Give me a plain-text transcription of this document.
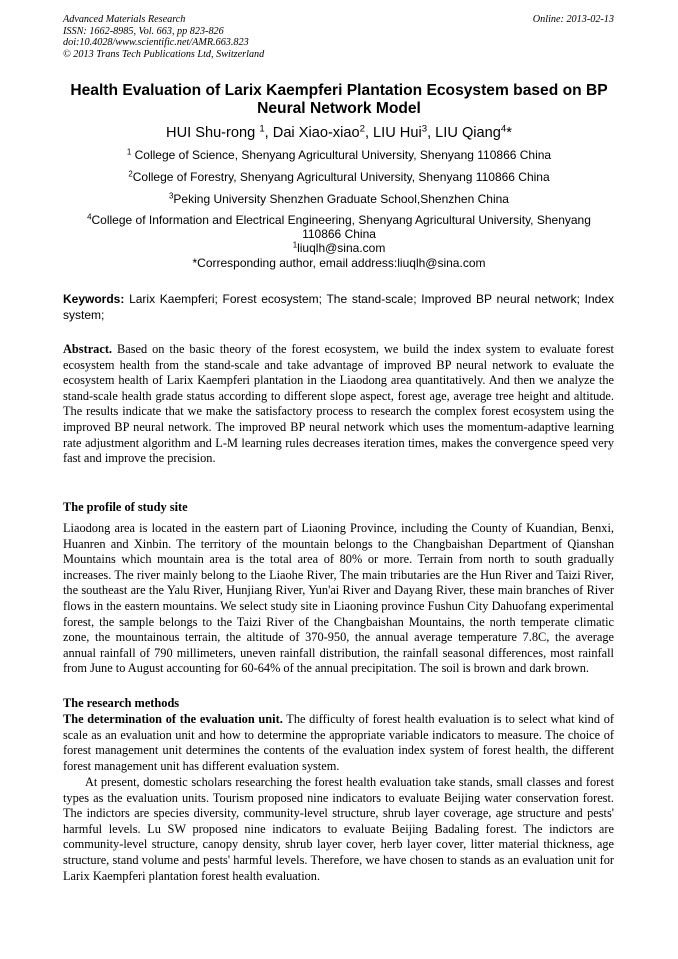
Advanced Materials Research
ISSN: 1662-8985, Vol. 663, pp 823-826
doi:10.4028/www.scientific.net/AMR.663.823
© 2013 Trans Tech Publications Ltd, Switzerland
Online: 2013-02-13
Health Evaluation of Larix Kaempferi Plantation Ecosystem based on BP
Neural Network Model
HUI Shu-rong $^1$, Dai Xiao-xiao$^2$, LIU Hui$^3$, LIU Qiang$^4$*
$^1$ College of Science, Shenyang Agricultural University, Shenyang 110866 China
$^2$College of Forestry, Shenyang Agricultural University, Shenyang 110866 China
$^3$Peking University Shenzhen Graduate School,Shenzhen China
$^4$College of Information and Electrical Engineering, Shenyang Agricultural University, Shenyang
110866 China
$^1$liuqlh@sina.com
*Corresponding author, email address:liuqlh@sina.com
Keywords: Larix Kaempferi; Forest ecosystem; The stand-scale; Improved BP neural network; Index system;

Abstract. Based on the basic theory of the forest ecosystem, we build the index system to evaluate forest ecosystem health from the stand-scale and take advantage of improved BP neural network to evaluate the ecosystem health of Larix Kaempferi plantation in the Liaodong area quantitatively. And then we analyze the stand-scale health grade status according to different slope aspect, forest age, average tree height and altitude. The results indicate that we make the satisfactory process to research the complex forest ecosystem using the improved BP neural network. The improved BP neural network which uses the momentum-adaptive learning rate adjustment algorithm and L-M learning rules decreases iteration times, makes the convergence speed very fast and improve the precision.

The profile of study site

Liaodong area is located in the eastern part of Liaoning Province, including the County of Kuandian, Benxi, Huanren and Xinbin. The territory of the mountain belongs to the Changbaishan Department of Qianshan Mountains which mountain area is the total area of 80% or more. Terrain from north to south gradually increases. The river mainly belong to the Liaohe River, The main tributaries are the Hun River and Taizi River, the southeast are the Yalu River, Hunjiang River, Yun'ai River and Dayang River, these main branches of River flows in the eastern mountains. We select study site in Liaoning province Fushun City Dahuofang experimental forest, the sample belongs to the Taizi River of the Changbaishan Mountains, the north temperate climatic zone, the mountainous terrain, the altitude of 370-950, the annual average temperature 7.8C, the average annual rainfall of 790 millimeters, uneven rainfall distribution, the rainfall seasonal differences, most rainfall from June to August accounting for 60-64% of the annual precipitation. The soil is brown and dark brown.

The research methods

The determination of the evaluation unit. The difficulty of forest health evaluation is to select what kind of scale as an evaluation unit and how to determine the appropriate variable indicators to measure. The choice of forest management unit determines the contents of the evaluation index system of forest health, the different forest management unit has different evaluation system.

At present, domestic scholars researching the forest health evaluation take stands, small classes and forest types as the evaluation units. Tourism proposed nine indicators to evaluate Beijing water conservation forest. The indictors are species diversity, community-level structure, shrub layer coverage, age structure and pests' harmful levels. Lu SW proposed nine indicators to evaluate Beijing Badaling forest. The indictors are community-level structure, canopy density, shrub layer cover, herb layer cover, litter material thickness, age structure, stand volume and pests' harmful levels. Therefore, we have chosen to stands as an evaluation unit for Larix Kaempferi plantation forest health evaluation.
